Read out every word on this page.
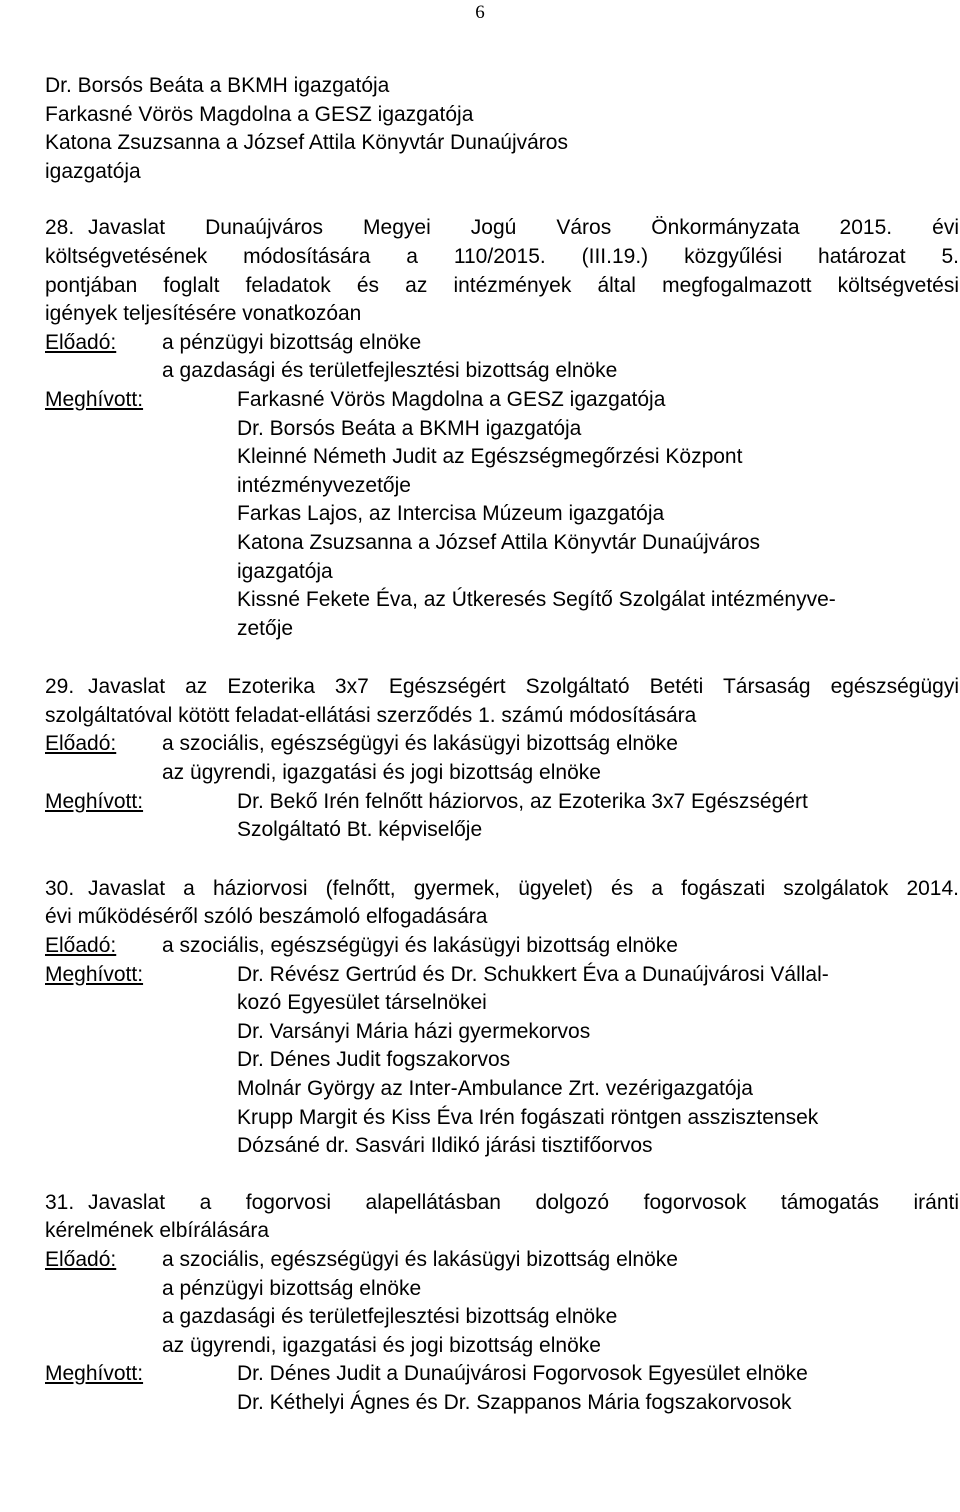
6
Dr. Borsós Beáta a BKMH igazgatója
Farkasné Vörös Magdolna a GESZ igazgatója
Katona Zsuzsanna a József Attila Könyvtár Dunaújváros
igazgatója
28. Javaslat Dunaújváros Megyei Jogú Város Önkormányzata 2015. évi
költségvetésének módosítására a 110/2015. (III.19.) közgyűlési határozat 5.
pontjában foglalt feladatok és az intézmények által megfogalmazott költségvetési
igények teljesítésére vonatkozóan
Előadó: a pénzügyi bizottság elnöke
a gazdasági és területfejlesztési bizottság elnöke
Meghívott:	Farkasné Vörös Magdolna a GESZ igazgatója
Dr. Borsós Beáta a BKMH igazgatója
Kleinné Németh Judit az Egészségmegőrzési Központ
intézményvezetője
Farkas Lajos, az Intercisa Múzeum igazgatója
Katona Zsuzsanna a József Attila Könyvtár Dunaújváros
igazgatója
Kissné Fekete Éva, az Útkeresés Segítő Szolgálat intézményve-
zetője
29. Javaslat az Ezoterika 3x7 Egészségért Szolgáltató Betéti Társaság egészségügyi
szolgáltatóval kötött feladat-ellátási szerződés 1. számú módosítására
Előadó: a szociális, egészségügyi és lakásügyi bizottság elnöke
az ügyrendi, igazgatási és jogi bizottság elnöke
Meghívott:	Dr. Bekő Irén felnőtt háziorvos, az Ezoterika 3x7 Egészségért
Szolgáltató Bt. képviselője
30. Javaslat a háziorvosi (felnőtt, gyermek, ügyelet) és a fogászati szolgálatok 2014.
évi működéséről szóló beszámoló elfogadására
Előadó: a szociális, egészségügyi és lakásügyi bizottság elnöke
Meghívott:	Dr. Révész Gertrúd és Dr. Schukkert Éva a Dunaújvárosi Vállal-
kozó Egyesület társelnökei
Dr. Varsányi Mária házi gyermekorvos
Dr. Dénes Judit fogszakorvos
Molnár György az Inter-Ambulance Zrt. vezérigazgatója
Krupp Margit és Kiss Éva Irén fogászati röntgen asszisztensek
Dózsáné dr. Sasvári Ildikó járási tisztifőorvos
31. Javaslat a fogorvosi alapellátásban dolgozó fogorvosok támogatás iránti
kérelmének elbírálására
Előadó: a szociális, egészségügyi és lakásügyi bizottság elnöke
a pénzügyi bizottság elnöke
a gazdasági és területfejlesztési bizottság elnöke
az ügyrendi, igazgatási és jogi bizottság elnöke
Meghívott:	Dr. Dénes Judit a Dunaújvárosi Fogorvosok Egyesület elnöke
Dr. Kéthelyi Ágnes és Dr. Szappanos Mária fogszakorvosok
